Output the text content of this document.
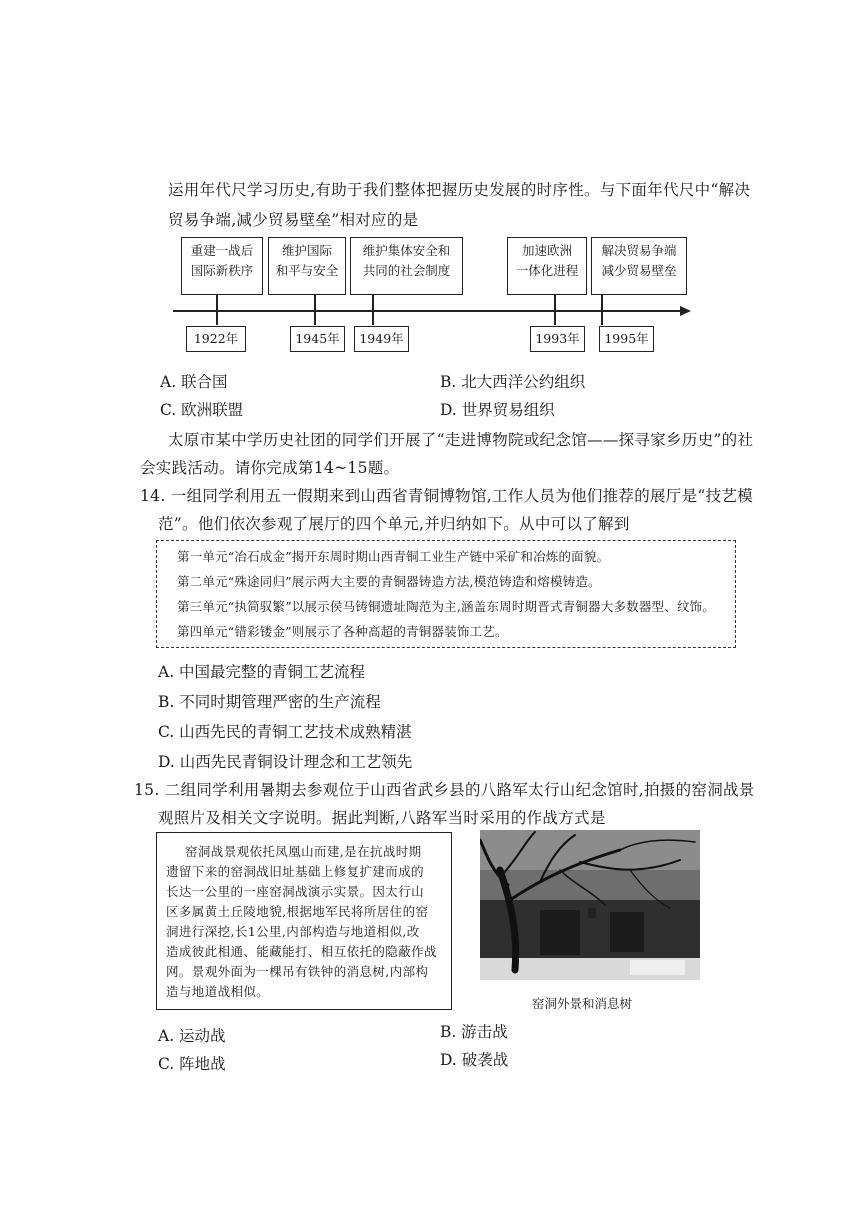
运用年代尺学习历史,有助于我们整体把握历史发展的时序性。与下面年代尺中“解决
贸易争端,减少贸易壁垒”相对应的是
重建一战后
国际新秩序
维护国际
和平与安全
维护集体安全和
共同的社会制度
加速欧洲
一体化进程
解决贸易争端
减少贸易壁垒
1922年	1945年	1949年	1993年	1995年
A. 联合国	B. 北大西洋公约组织
C. 欧洲联盟	D. 世界贸易组织
太原市某中学历史社团的同学们开展了“走进博物院或纪念馆——探寻家乡历史”的社
会实践活动。请你完成第14~15题。
14. 一组同学利用五一假期来到山西省青铜博物馆,工作人员为他们推荐的展厅是“技艺模
范”。他们依次参观了展厅的四个单元,并归纳如下。从中可以了解到
第一单元“冶石成金”揭开东周时期山西青铜工业生产链中采矿和冶炼的面貌。
第二单元“殊途同归”展示两大主要的青铜器铸造方法,模范铸造和熔模铸造。
第三单元“执简驭繁”以展示侯马铸铜遗址陶范为主,涵盖东周时期晋式青铜器大多数器型、纹饰。
第四单元“错彩镂金”则展示了各种高超的青铜器装饰工艺。
A. 中国最完整的青铜工艺流程
B. 不同时期管理严密的生产流程
C. 山西先民的青铜工艺技术成熟精湛
D. 山西先民青铜设计理念和工艺领先
15. 二组同学利用暑期去参观位于山西省武乡县的八路军太行山纪念馆时,拍摄的窑洞战景
观照片及相关文字说明。据此判断,八路军当时采用的作战方式是
窑洞战景观依托凤凰山而建,是在抗战时期
遗留下来的窑洞战旧址基础上修复扩建而成的
长达一公里的一座窑洞战演示实景。因太行山
区多属黄土丘陵地貌,根据地军民将所居住的窑
洞进行深挖,长1公里,内部构造与地道相似,改
造成彼此相通、能藏能打、相互依托的隐蔽作战
网。景观外面为一棵吊有铁钟的消息树,内部构
造与地道战相似。
窑洞外景和消息树
A. 运动战	B. 游击战
C. 阵地战	D. 破袭战
